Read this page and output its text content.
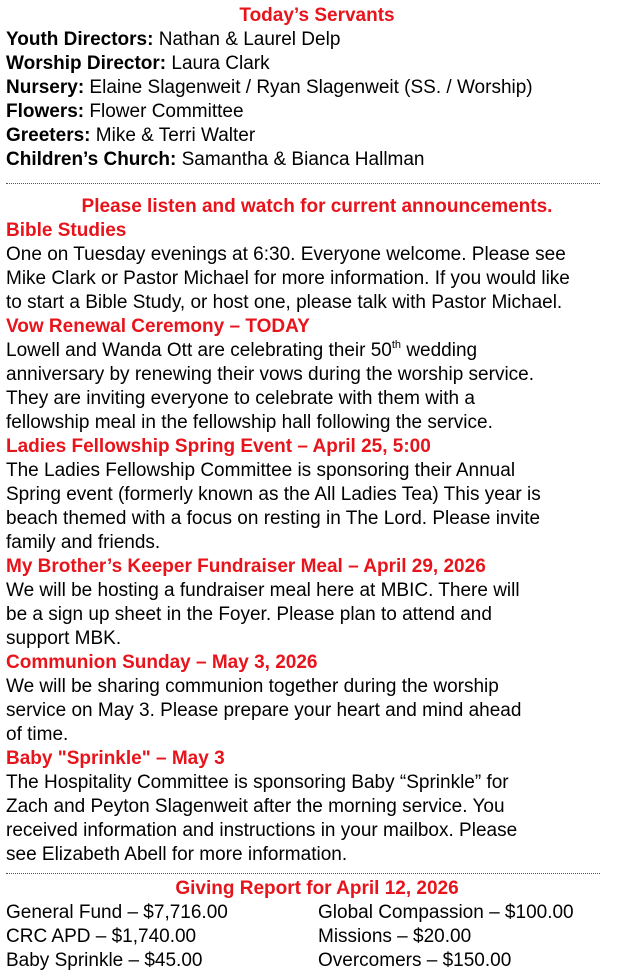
Today’s Servants
Youth Directors: Nathan & Laurel Delp
Worship Director: Laura Clark
Nursery: Elaine Slagenweit / Ryan Slagenweit (SS. / Worship)
Flowers: Flower Committee
Greeters: Mike & Terri Walter
Children’s Church: Samantha & Bianca Hallman
Please listen and watch for current announcements.
Bible Studies
One on Tuesday evenings at 6:30. Everyone welcome. Please see
Mike Clark or Pastor Michael for more information. If you would like
to start a Bible Study, or host one, please talk with Pastor Michael.
Vow Renewal Ceremony – TODAY
Lowell and Wanda Ott are celebrating their 50th wedding
anniversary by renewing their vows during the worship service.
They are inviting everyone to celebrate with them with a
fellowship meal in the fellowship hall following the service.
Ladies Fellowship Spring Event – April 25, 5:00
The Ladies Fellowship Committee is sponsoring their Annual
Spring event (formerly known as the All Ladies Tea) This year is
beach themed with a focus on resting in The Lord. Please invite
family and friends.
My Brother’s Keeper Fundraiser Meal – April 29, 2026
We will be hosting a fundraiser meal here at MBIC. There will
be a sign up sheet in the Foyer. Please plan to attend and
support MBK.
Communion Sunday – May 3, 2026
We will be sharing communion together during the worship
service on May 3. Please prepare your heart and mind ahead
of time.
Baby "Sprinkle" – May 3
The Hospitality Committee is sponsoring Baby “Sprinkle” for
Zach and Peyton Slagenweit after the morning service. You
received information and instructions in your mailbox. Please
see Elizabeth Abell for more information.
Giving Report for April 12, 2026
General Fund – $7,716.00	Global Compassion – $100.00
CRC APD – $1,740.00	Missions – $20.00
Baby Sprinkle – $45.00	Overcomers – $150.00
